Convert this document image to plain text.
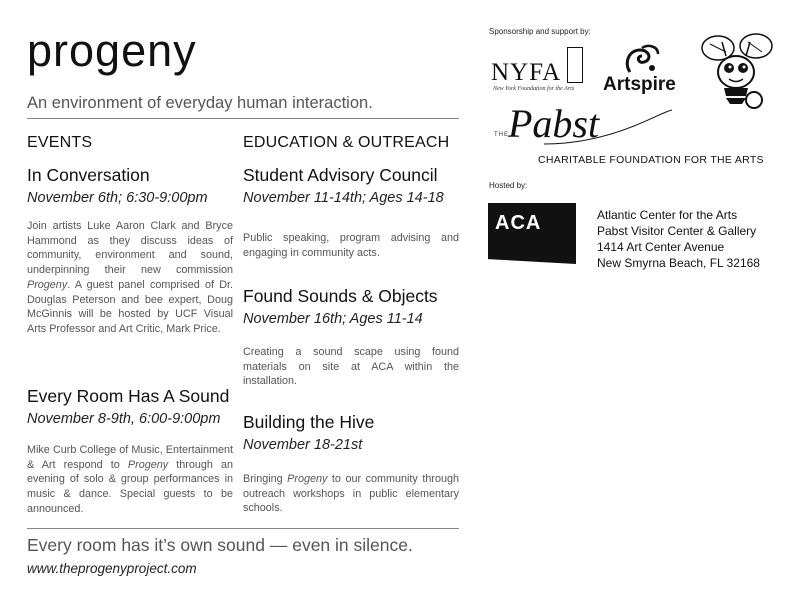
progeny
An environment of everyday human interaction.
EVENTS
In Conversation
November 6th; 6:30-9:00pm
Join artists Luke Aaron Clark and Bryce Hammond as they discuss ideas of community, environment and sound, underpinning their new commission Progeny. A guest panel comprised of Dr. Douglas Peterson and bee expert, Doug McGinnis will be hosted by UCF Visual Arts Professor and Art Critic, Mark Price.
Every Room Has A Sound
November 8-9th, 6:00-9:00pm
Mike Curb College of Music, Entertainment & Art respond to Progeny through an evening of solo & group performances in music & dance. Special guests to be announced.
EDUCATION & OUTREACH
Student Advisory Council
November 11-14th; Ages 14-18
Public speaking, program advising and engaging in community acts.
Found Sounds & Objects
November 16th; Ages 11-14
Creating a sound scape using found materials on site at ACA within the installation.
Building the Hive
November 18-21st
Bringing Progeny to our community through outreach workshops in public elementary schools.
Every room has it’s own sound — even in silence.
www.theprogenyproject.com
Sponsorship and support by:
NYFA
New York Foundation for the Arts Artspire
THE Pabst
CHARITABLE FOUNDATION FOR THE ARTS
Hosted by:
ACA	Atlantic Center for the Arts
Pabst Visitor Center & Gallery
1414 Art Center Avenue
New Smyrna Beach, FL 32168
